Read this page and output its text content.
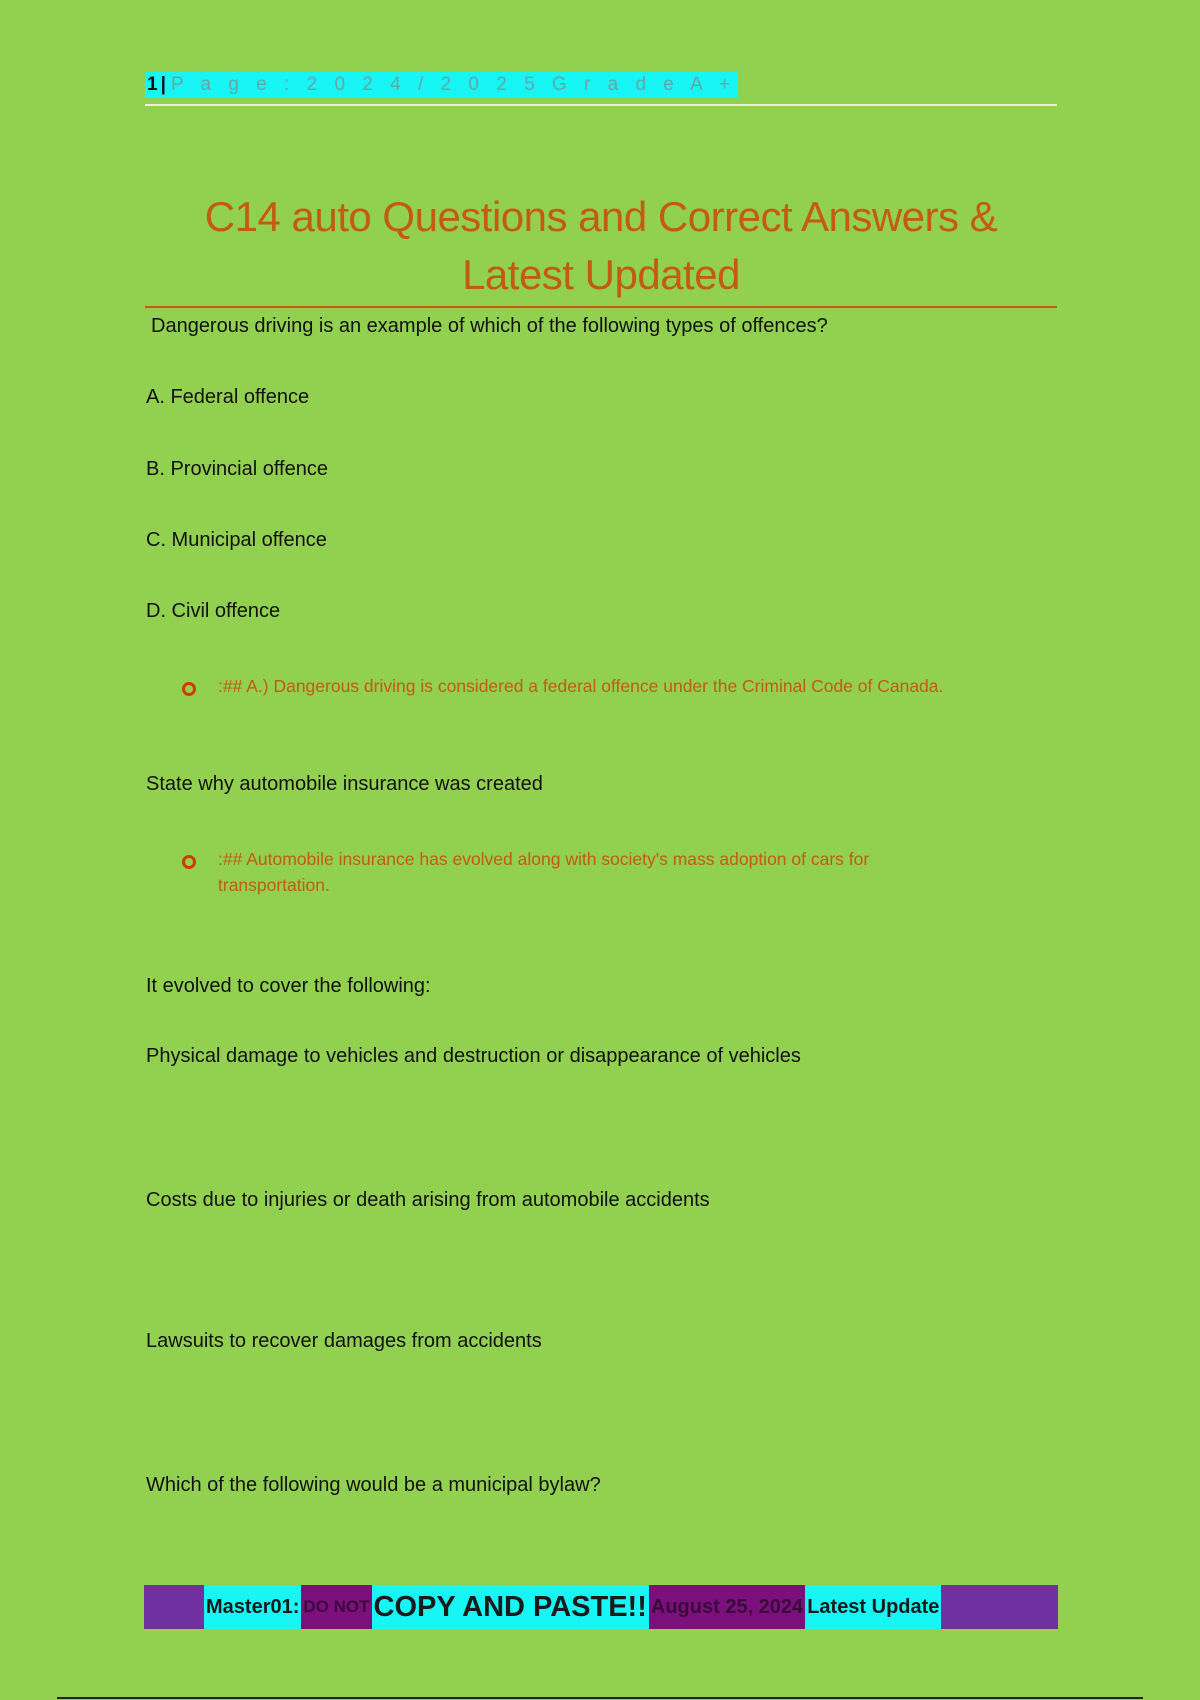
1 | P a g e : 2 0 2 4 / 2 0 2 5 G r a d e A +
C14 auto Questions and Correct Answers &
Latest Updated
Dangerous driving is an example of which of the following types of offences?
A. Federal offence
B. Provincial offence
C. Municipal offence
D. Civil offence
:## A.) Dangerous driving is considered a federal offence under the Criminal Code of Canada.
State why automobile insurance was created
:## Automobile insurance has evolved along with society's mass adoption of cars for
transportation.
It evolved to cover the following:
Physical damage to vehicles and destruction or disappearance of vehicles
Costs due to injuries or death arising from automobile accidents
Lawsuits to recover damages from accidents
Which of the following would be a municipal bylaw?
Master01: DO NOT COPY AND PASTE!! August 25, 2024 Latest Update
